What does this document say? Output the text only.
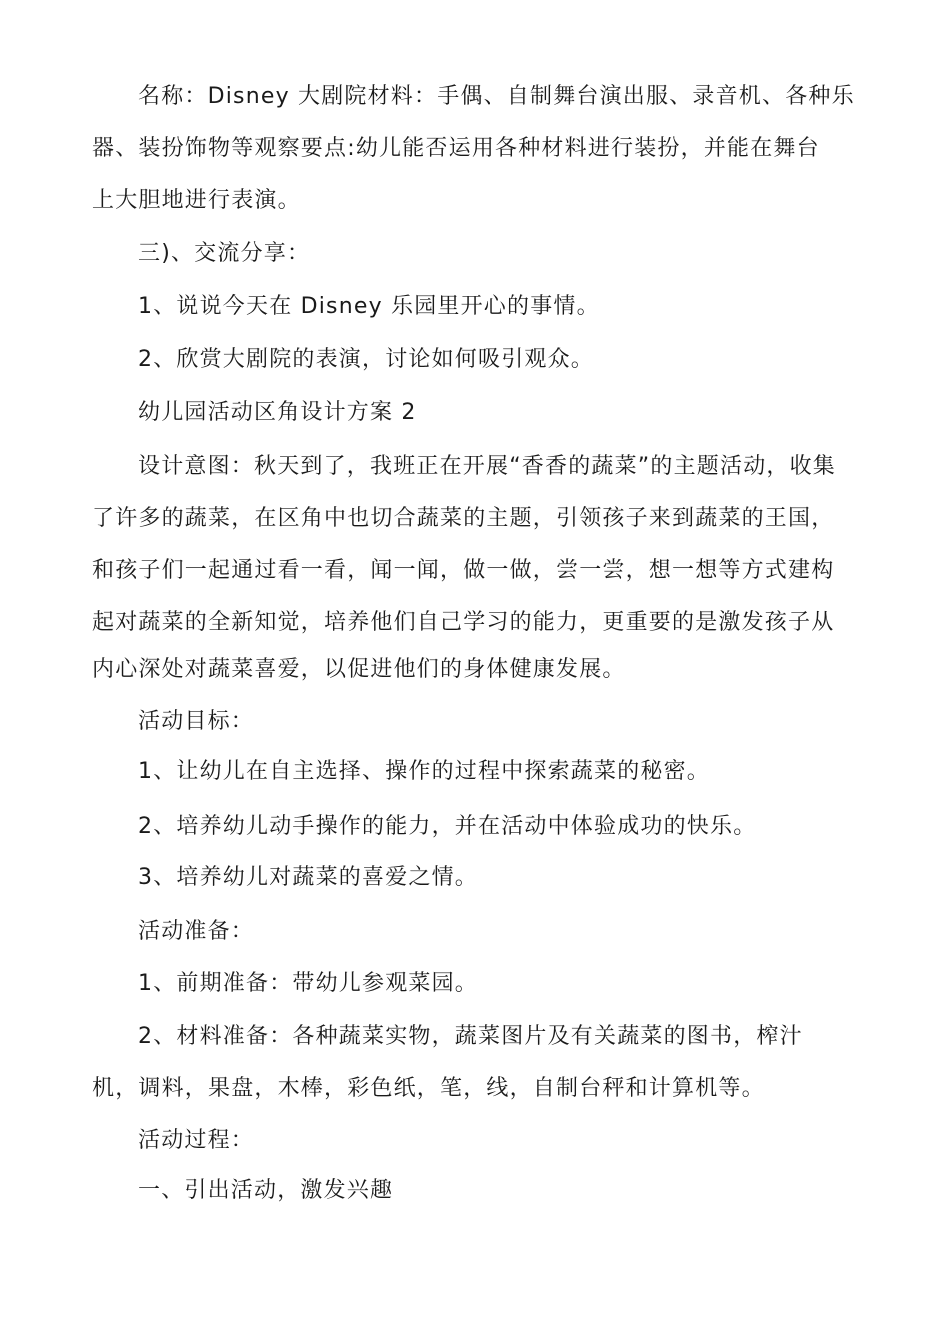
名称：Disney 大剧院材料：手偶、自制舞台演出服、录音机、各种乐
器、装扮饰物等观察要点:幼儿能否运用各种材料进行装扮，并能在舞台
上大胆地进行表演。
三)、交流分享：
1、说说今天在 Disney 乐园里开心的事情。
2、欣赏大剧院的表演，讨论如何吸引观众。
幼儿园活动区角设计方案 2
设计意图：秋天到了，我班正在开展“香香的蔬菜”的主题活动，收集
了许多的蔬菜，在区角中也切合蔬菜的主题，引领孩子来到蔬菜的王国，
和孩子们一起通过看一看，闻一闻，做一做，尝一尝，想一想等方式建构
起对蔬菜的全新知觉，培养他们自己学习的能力，更重要的是激发孩子从
内心深处对蔬菜喜爱，以促进他们的身体健康发展。
活动目标：
1、让幼儿在自主选择、操作的过程中探索蔬菜的秘密。
2、培养幼儿动手操作的能力，并在活动中体验成功的快乐。
3、培养幼儿对蔬菜的喜爱之情。
活动准备：
1、前期准备：带幼儿参观菜园。
2、材料准备：各种蔬菜实物，蔬菜图片及有关蔬菜的图书，榨汁
机，调料，果盘，木棒，彩色纸，笔，线，自制台秤和计算机等。
活动过程：
一、引出活动，激发兴趣
